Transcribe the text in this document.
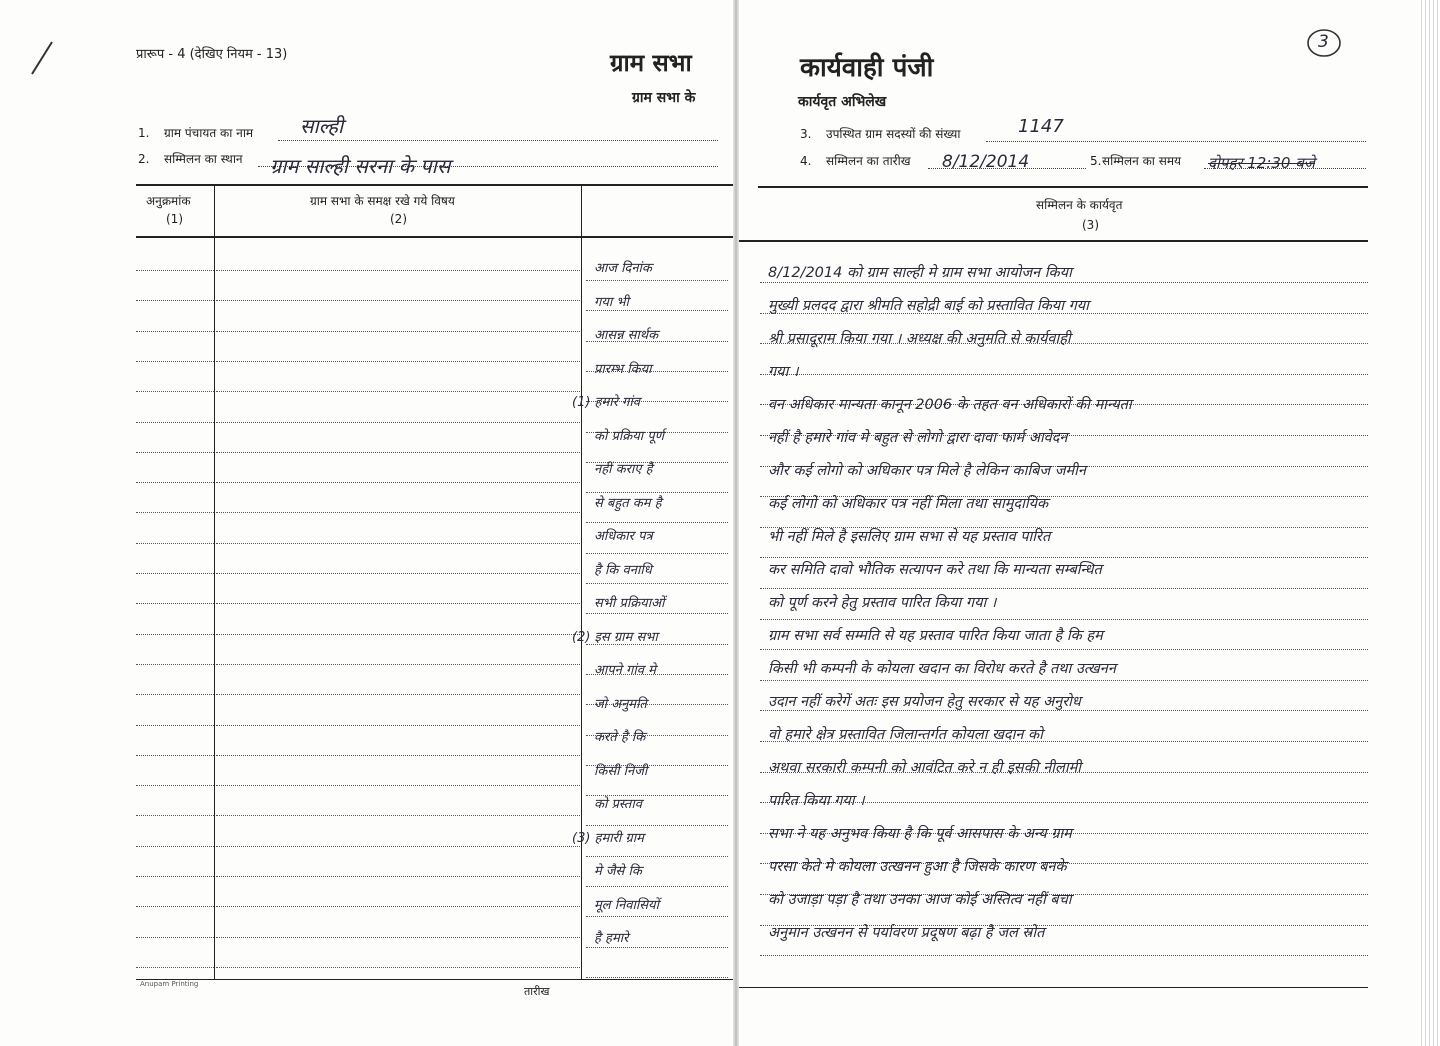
प्रारूप - 4 (देखिए नियम - 13)	ग्राम सभा
ग्राम सभा के
1. ग्राम पंचायत का नाम साल्ही
2. सम्मिलन का स्थान ग्राम साल्ही सरना के पास
अनुक्रमांक
(1)
ग्राम सभा के समक्ष रखे गये विषय
(2)
आज दिनांक
गया भी
आसन्न सार्थक
प्रारम्भ किया
(1) हमारे गांव
को प्रक्रिया पूर्ण
नहीं कराए है
से बहुत कम है
अधिकार पत्र
है कि वनाधि
सभी प्रक्रियाओं
(2) इस ग्राम सभा
आपने गांव मे
जो अनुमति
करते है कि
किसी निजी
को प्रस्ताव
(3) हमारी ग्राम
मे जैसे कि
मूल निवासियों
है हमारे
Anupam Printing
तारीख
3
कार्यवाही पंजी
कार्यवृत अभिलेख
3. उपस्थित ग्राम सदस्यों की संख्या	1147
4. सम्मिलन का तारीख 8/12/2014	5. सम्मिलन का समय दोपहर 12:30 बजे
सम्मिलन के कार्यवृत
(3)
8/12/2014 को ग्राम साल्ही मे ग्राम सभा आयोजन किया
मुख्यी प्रलदद द्वारा श्रीमति सहोद्री बाई को प्रस्तावित किया गया
श्री प्रसादूराम किया गया । अध्यक्ष की अनुमति से कार्यवाही
गया ।
वन अधिकार मान्यता कानून 2006 के तहत वन अधिकारों की मान्यता
नहीं है हमारे गांव मे बहुत से लोगो द्वारा दावा फार्म आवेदन
और कई लोगो को अधिकार पत्र मिले है लेकिन काबिज जमीन
कई लोगो को अधिकार पत्र नहीं मिला तथा सामुदायिक
भी नहीं मिले है इसलिए ग्राम सभा से यह प्रस्ताव पारित
कर समिति दावो भौतिक सत्यापन करे तथा कि मान्यता सम्बन्धित
को पूर्ण करने हेतु प्रस्ताव पारित किया गया ।
ग्राम सभा सर्व सम्मति से यह प्रस्ताव पारित किया जाता है कि हम
किसी भी कम्पनी के कोयला खदान का विरोध करते है तथा उत्खनन
उदान नहीं करेगें अतः इस प्रयोजन हेतु सरकार से यह अनुरोध
वो हमारे क्षेत्र प्रस्तावित जिलान्तर्गत कोयला खदान को
अथवा सरकारी कम्पनी को आवंटित करे न ही इसकी नीलामी
पारित किया गया ।
सभा ने यह अनुभव किया है कि पूर्व आसपास के अन्य ग्राम
परसा केते मे कोयला उत्खनन हुआ है जिसके कारण बनके
को उजाड़ा पड़ा है तथा उनका आज कोई अस्तित्व नहीं बचा
अनुमान उत्खनन से पर्यावरण प्रदूषण बढ़ा है जल स्रोत
